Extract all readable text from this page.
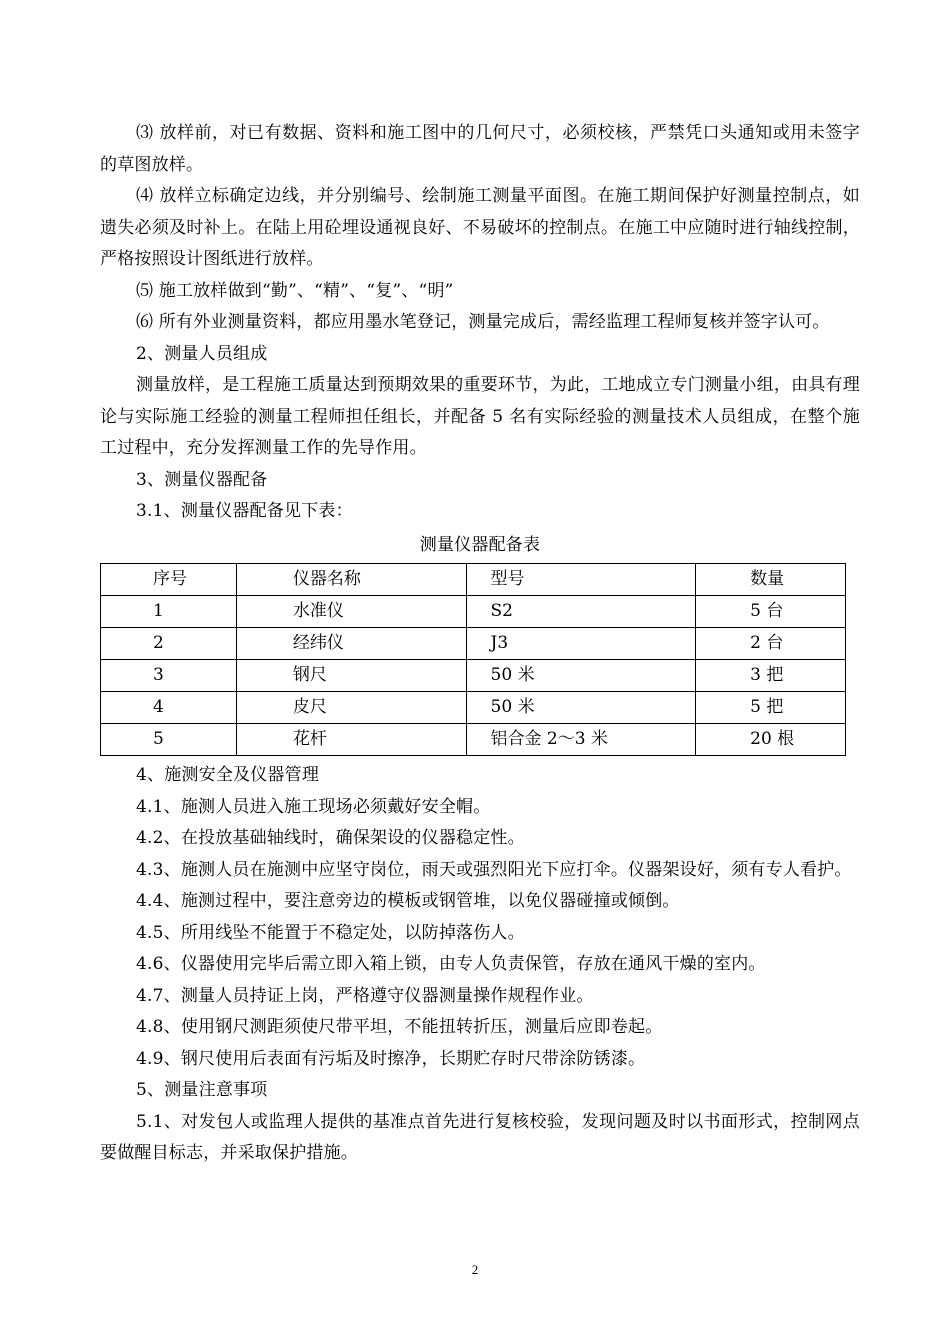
⑶ 放样前，对已有数据、资料和施工图中的几何尺寸，必须校核，严禁凭口头通知或用未签字的草图放样。

⑷ 放样立标确定边线，并分别编号、绘制施工测量平面图。在施工期间保护好测量控制点，如遗失必须及时补上。在陆上用砼埋设通视良好、不易破坏的控制点。在施工中应随时进行轴线控制，严格按照设计图纸进行放样。

⑸ 施工放样做到“勤”、“精”、“复”、“明”

⑹ 所有外业测量资料，都应用墨水笔登记，测量完成后，需经监理工程师复核并签字认可。

2、测量人员组成

测量放样，是工程施工质量达到预期效果的重要环节，为此，工地成立专门测量小组，由具有理论与实际施工经验的测量工程师担任组长，并配备 5 名有实际经验的测量技术人员组成，在整个施工过程中，充分发挥测量工作的先导作用。

3、测量仪器配备

3.1、测量仪器配备见下表：

测量仪器配备表

序号	仪器名称	型号	数量
1	水准仪	S2	5 台
2	经纬仪	J3	2 台
3	钢尺	50 米	3 把
4	皮尺	50 米	5 把
5	花杆	铝合金 2～3 米	20 根

4、施测安全及仪器管理

4.1、施测人员进入施工现场必须戴好安全帽。

4.2、在投放基础轴线时，确保架设的仪器稳定性。

4.3、施测人员在施测中应坚守岗位，雨天或强烈阳光下应打伞。仪器架设好，须有专人看护。

4.4、施测过程中，要注意旁边的模板或钢管堆，以免仪器碰撞或倾倒。

4.5、所用线坠不能置于不稳定处，以防掉落伤人。

4.6、仪器使用完毕后需立即入箱上锁，由专人负责保管，存放在通风干燥的室内。

4.7、测量人员持证上岗，严格遵守仪器测量操作规程作业。

4.8、使用钢尺测距须使尺带平坦，不能扭转折压，测量后应即卷起。

4.9、钢尺使用后表面有污垢及时擦净，长期贮存时尺带涂防锈漆。

5、测量注意事项

5.1、对发包人或监理人提供的基准点首先进行复核校验，发现问题及时以书面形式，控制网点要做醒目标志，并采取保护措施。

2
